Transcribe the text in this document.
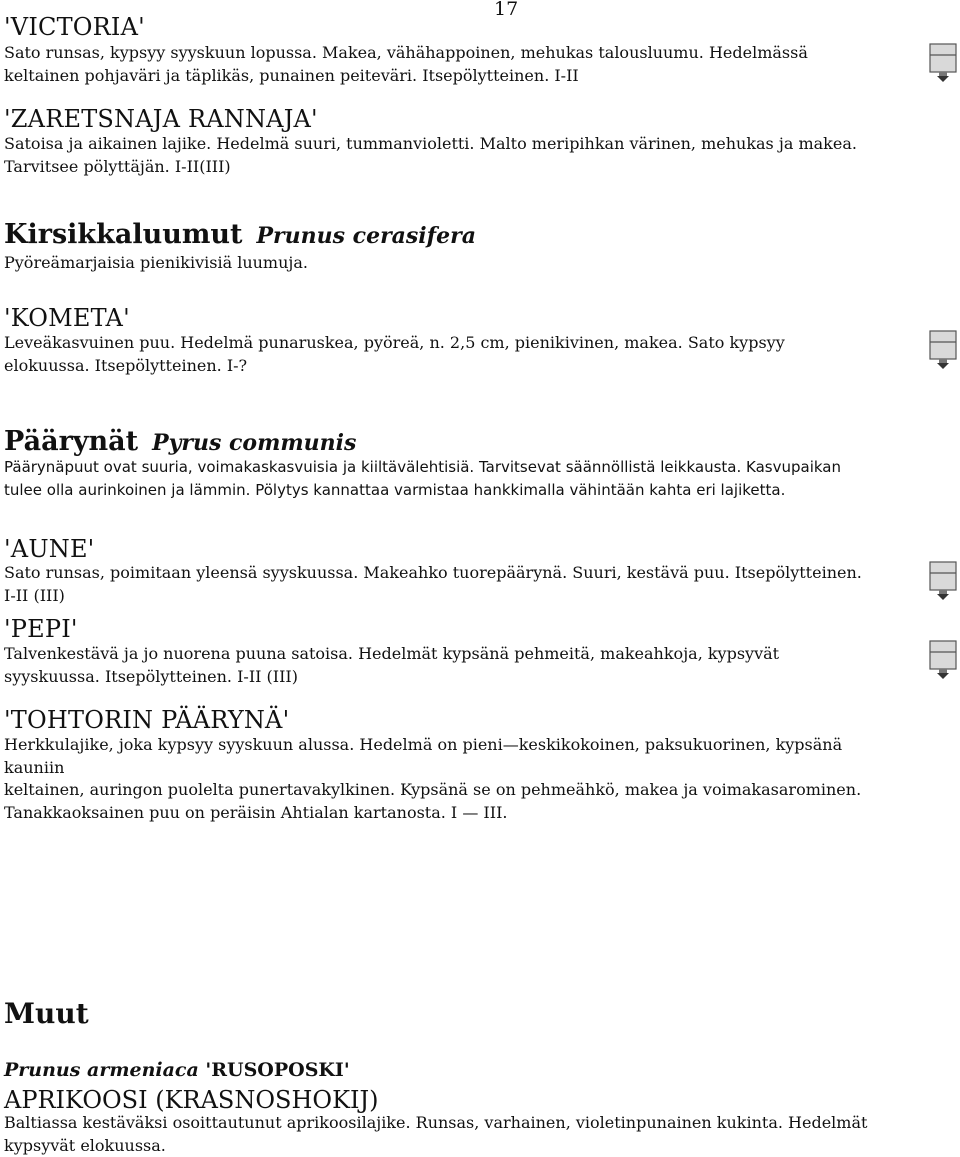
17
'VICTORIA'
Sato runsas, kypsyy syyskuun lopussa. Makea, vähähappoinen, mehukas talousluumu. Hedelmässä
keltainen pohjaväri ja täplikäs, punainen peiteväri. Itsepölytteinen. I-II
'ZARETSNAJA RANNAJA'
Satoisa ja aikainen lajike. Hedelmä suuri, tummanvioletti. Malto meripihkan värinen, mehukas ja makea.
Tarvitsee pölyttäjän. I-II(III)
Kirsikkaluumut Prunus cerasifera
Pyöreämarjaisia pienikivisiä luumuja.
'KOMETA'
Leveäkasvuinen puu. Hedelmä punaruskea, pyöreä, n. 2,5 cm, pienikivinen, makea. Sato kypsyy
elokuussa. Itsepölytteinen. I-?
Päärynät Pyrus communis
Päärynäpuut ovat suuria, voimakaskasvuisia ja kiiltävälehtisiä. Tarvitsevat säännöllistä leikkausta. Kasvupaikan
tulee olla aurinkoinen ja lämmin. Pölytys kannattaa varmistaa hankkimalla vähintään kahta eri lajiketta.
'AUNE'
Sato runsas, poimitaan yleensä syyskuussa. Makeahko tuorepäärynä. Suuri, kestävä puu. Itsepölytteinen.
I-II (III)
'PEPI'
Talvenkestävä ja jo nuorena puuna satoisa. Hedelmät kypsänä pehmeitä, makeahkoja, kypsyvät
syyskuussa. Itsepölytteinen. I-II (III)
'TOHTORIN PÄÄRYNÄ'
Herkkulajike, joka kypsyy syyskuun alussa. Hedelmä on pieni—keskikokoinen, paksukuorinen, kypsänä kauniin
keltainen, auringon puolelta punertavakylkinen. Kypsänä se on pehmeähkö, makea ja voimakasarominen.
Tanakkaoksainen puu on peräisin Ahtialan kartanosta. I — III.
Muut
Prunus armeniaca 'RUSOPOSKI'
APRIKOOSI (KRASNOSHOKIJ)
Baltiassa kestäväksi osoittautunut aprikoosilajike. Runsas, varhainen, violetinpunainen kukinta. Hedelmät
kypsyvät elokuussa.
